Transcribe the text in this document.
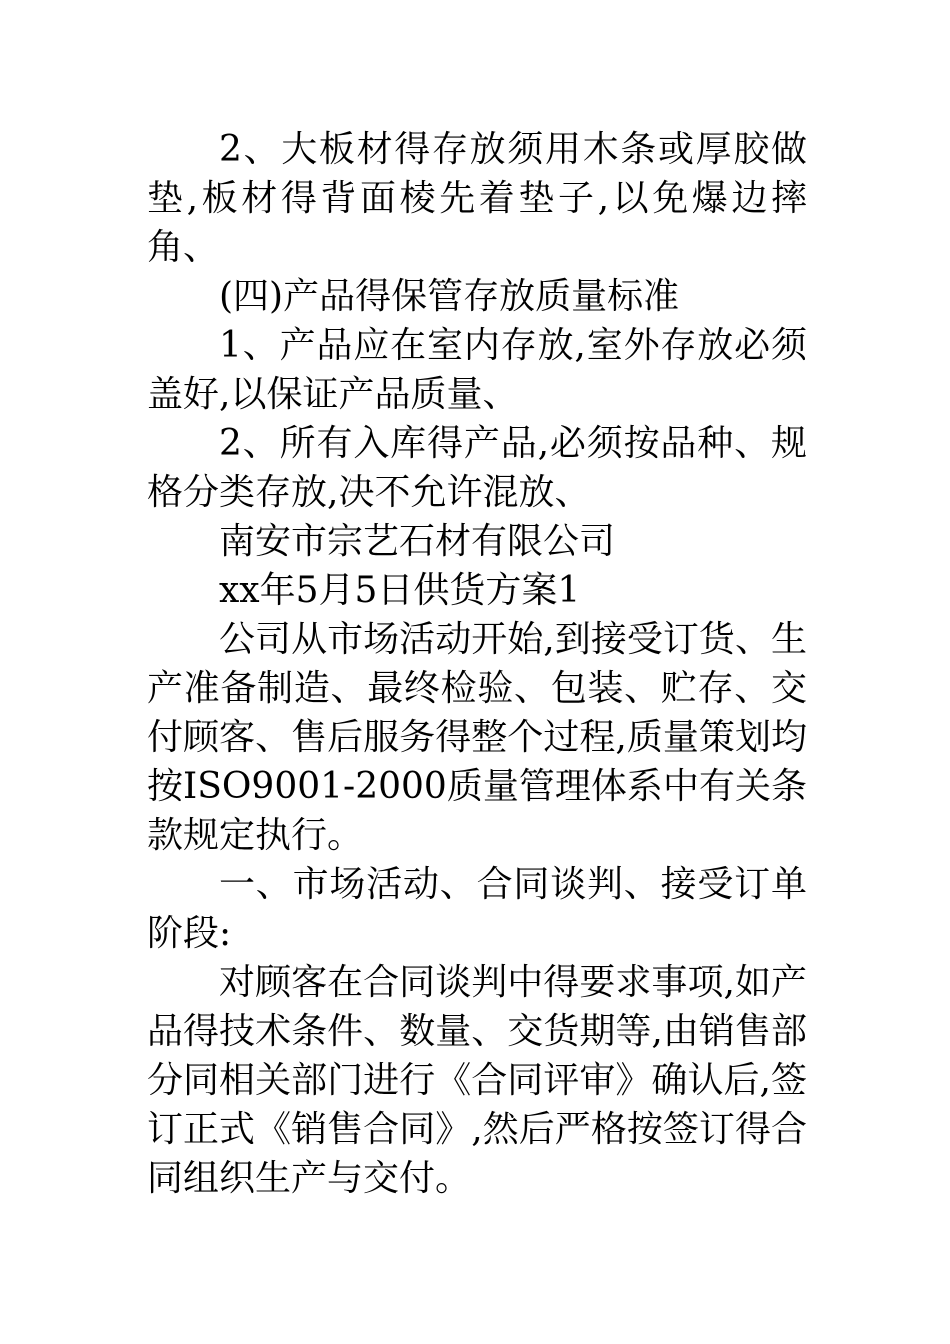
2、大板材得存放须用木条或厚胶做垫,板材得背面棱先着垫子,以免爆边摔角、

(四)产品得保管存放质量标准

1、产品应在室内存放,室外存放必须盖好,以保证产品质量、

2、所有入库得产品,必须按品种、规格分类存放,决不允许混放、

南安市宗艺石材有限公司

xx年5月5日供货方案1

公司从市场活动开始,到接受订货、生产准备制造、最终检验、包装、贮存、交付顾客、售后服务得整个过程,质量策划均按ISO9001-2000质量管理体系中有关条款规定执行。

一、市场活动、合同谈判、接受订单阶段:

对顾客在合同谈判中得要求事项,如产品得技术条件、数量、交货期等,由销售部分同相关部门进行《合同评审》确认后,签订正式《销售合同》,然后严格按签订得合同组织生产与交付。
